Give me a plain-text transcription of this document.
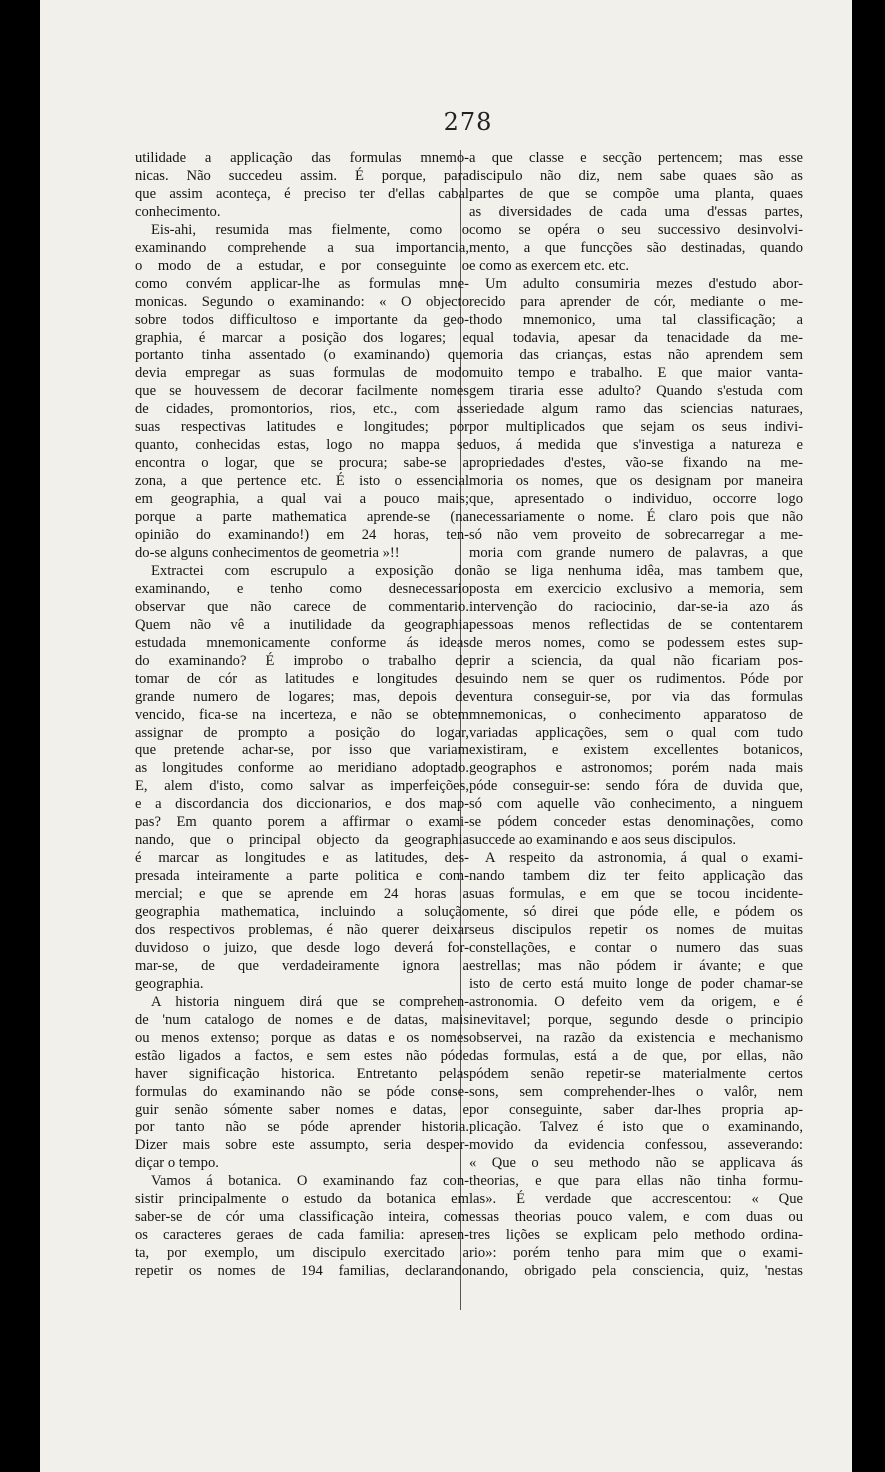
278
utilidade a applicação das formulas mnemo-
nicas. Não succedeu assim. É porque, para
que assim aconteça, é preciso ter d'ellas cabal
conhecimento.
Eis-ahi, resumida mas fielmente, como o
examinando comprehende a sua importancia,
o modo de a estudar, e por conseguinte o
como convém applicar-lhe as formulas mne-
monicas. Segundo o examinando: « O objecto
sobre todos difficultoso e importante da geo-
graphia, é marcar a posição dos logares; e
portanto tinha assentado (o examinando) que
devia empregar as suas formulas de modo
que se houvessem de decorar facilmente nomes
de cidades, promontorios, rios, etc., com as
suas respectivas latitudes e longitudes; por
quanto, conhecidas estas, logo no mappa se
encontra o logar, que se procura; sabe-se a
zona, a que pertence etc. É isto o essencial
em geographia, a qual vai a pouco mais;
porque a parte mathematica aprende-se (na
opinião do examinando!) em 24 horas, ten-
do-se alguns conhecimentos de geometria »!!
Extractei com escrupulo a exposição do
examinando, e tenho como desnecessario
observar que não carece de commentario.
Quem não vê a inutilidade da geographia
estudada mnemonicamente conforme ás ideas
do examinando? É improbo o trabalho de
tomar de cór as latitudes e longitudes de
grande numero de logares; mas, depois de
vencido, fica-se na incerteza, e não se obtem
assignar de prompto a posição do logar,
que pretende achar-se, por isso que variam
as longitudes conforme ao meridiano adoptado.
E, alem d'isto, como salvar as imperfeições,
e a discordancia dos diccionarios, e dos map-
pas? Em quanto porem a affirmar o exami-
nando, que o principal objecto da geographia
é marcar as longitudes e as latitudes, des-
presada inteiramente a parte politica e com-
mercial; e que se aprende em 24 horas a
geographia mathematica, incluindo a solução
dos respectivos problemas, é não querer deixar
duvidoso o juizo, que desde logo deverá for-
mar-se, de que verdadeiramente ignora a
geographia.
A historia ninguem dirá que se comprehen-
de 'num catalogo de nomes e de datas, mais
ou menos extenso; porque as datas e os nomes
estão ligados a factos, e sem estes não póde
haver significação historica. Entretanto pelas
formulas do examinando não se póde conse-
guir senão sómente saber nomes e datas, e
por tanto não se póde aprender historia.
Dizer mais sobre este assumpto, seria desper-
diçar o tempo.
Vamos á botanica. O examinando faz con-
sistir principalmente o estudo da botanica em
saber-se de cór uma classificação inteira, com
os caracteres geraes de cada familia: apresen-
ta, por exemplo, um discipulo exercitado a
repetir os nomes de 194 familias, declarando
a que classe e secção pertencem; mas esse
discipulo não diz, nem sabe quaes são as
partes de que se compõe uma planta, quaes
as diversidades de cada uma d'essas partes,
como se opéra o seu successivo desinvolvi-
mento, a que funcções são destinadas, quando
e como as exercem etc. etc.
Um adulto consumiria mezes d'estudo abor-
recido para aprender de cór, mediante o me-
thodo mnemonico, uma tal classificação; a
qual todavia, apesar da tenacidade da me-
moria das crianças, estas não aprendem sem
muito tempo e trabalho. E que maior vanta-
gem tiraria esse adulto? Quando s'estuda com
seriedade algum ramo das sciencias naturaes,
por multiplicados que sejam os seus indivi-
duos, á medida que s'investiga a natureza e
propriedades d'estes, vão-se fixando na me-
moria os nomes, que os designam por maneira
que, apresentado o individuo, occorre logo
necessariamente o nome. É claro pois que não
só não vem proveito de sobrecarregar a me-
moria com grande numero de palavras, a que
não se liga nenhuma idêa, mas tambem que,
posta em exercicio exclusivo a memoria, sem
intervenção do raciocinio, dar-se-ia azo ás
pessoas menos reflectidas de se contentarem
de meros nomes, como se podessem estes sup-
prir a sciencia, da qual não ficariam pos-
suindo nem se quer os rudimentos. Póde por
ventura conseguir-se, por via das formulas
mnemonicas, o conhecimento apparatoso de
variadas applicações, sem o qual com tudo
existiram, e existem excellentes botanicos,
geographos e astronomos; porém nada mais
póde conseguir-se: sendo fóra de duvida que,
só com aquelle vão conhecimento, a ninguem
se pódem conceder estas denominações, como
succede ao examinando e aos seus discipulos.
A respeito da astronomia, á qual o exami-
nando tambem diz ter feito applicação das
suas formulas, e em que se tocou incidente-
mente, só direi que póde elle, e pódem os
seus discipulos repetir os nomes de muitas
constellações, e contar o numero das suas
estrellas; mas não pódem ir ávante; e que
isto de certo está muito longe de poder chamar-se
astronomia. O defeito vem da origem, e é
inevitavel; porque, segundo desde o principio
observei, na razão da existencia e mechanismo
das formulas, está a de que, por ellas, não
pódem senão repetir-se materialmente certos
sons, sem comprehender-lhes o valôr, nem
por conseguinte, saber dar-lhes propria ap-
plicação. Talvez é isto que o examinando,
movido da evidencia confessou, asseverando:
« Que o seu methodo não se applicava ás
theorias, e que para ellas não tinha formu-
las». É verdade que accrescentou: « Que
essas theorias pouco valem, e com duas ou
tres lições se explicam pelo methodo ordina-
rio»: porém tenho para mim que o exami-
nando, obrigado pela consciencia, quiz, 'nestas
